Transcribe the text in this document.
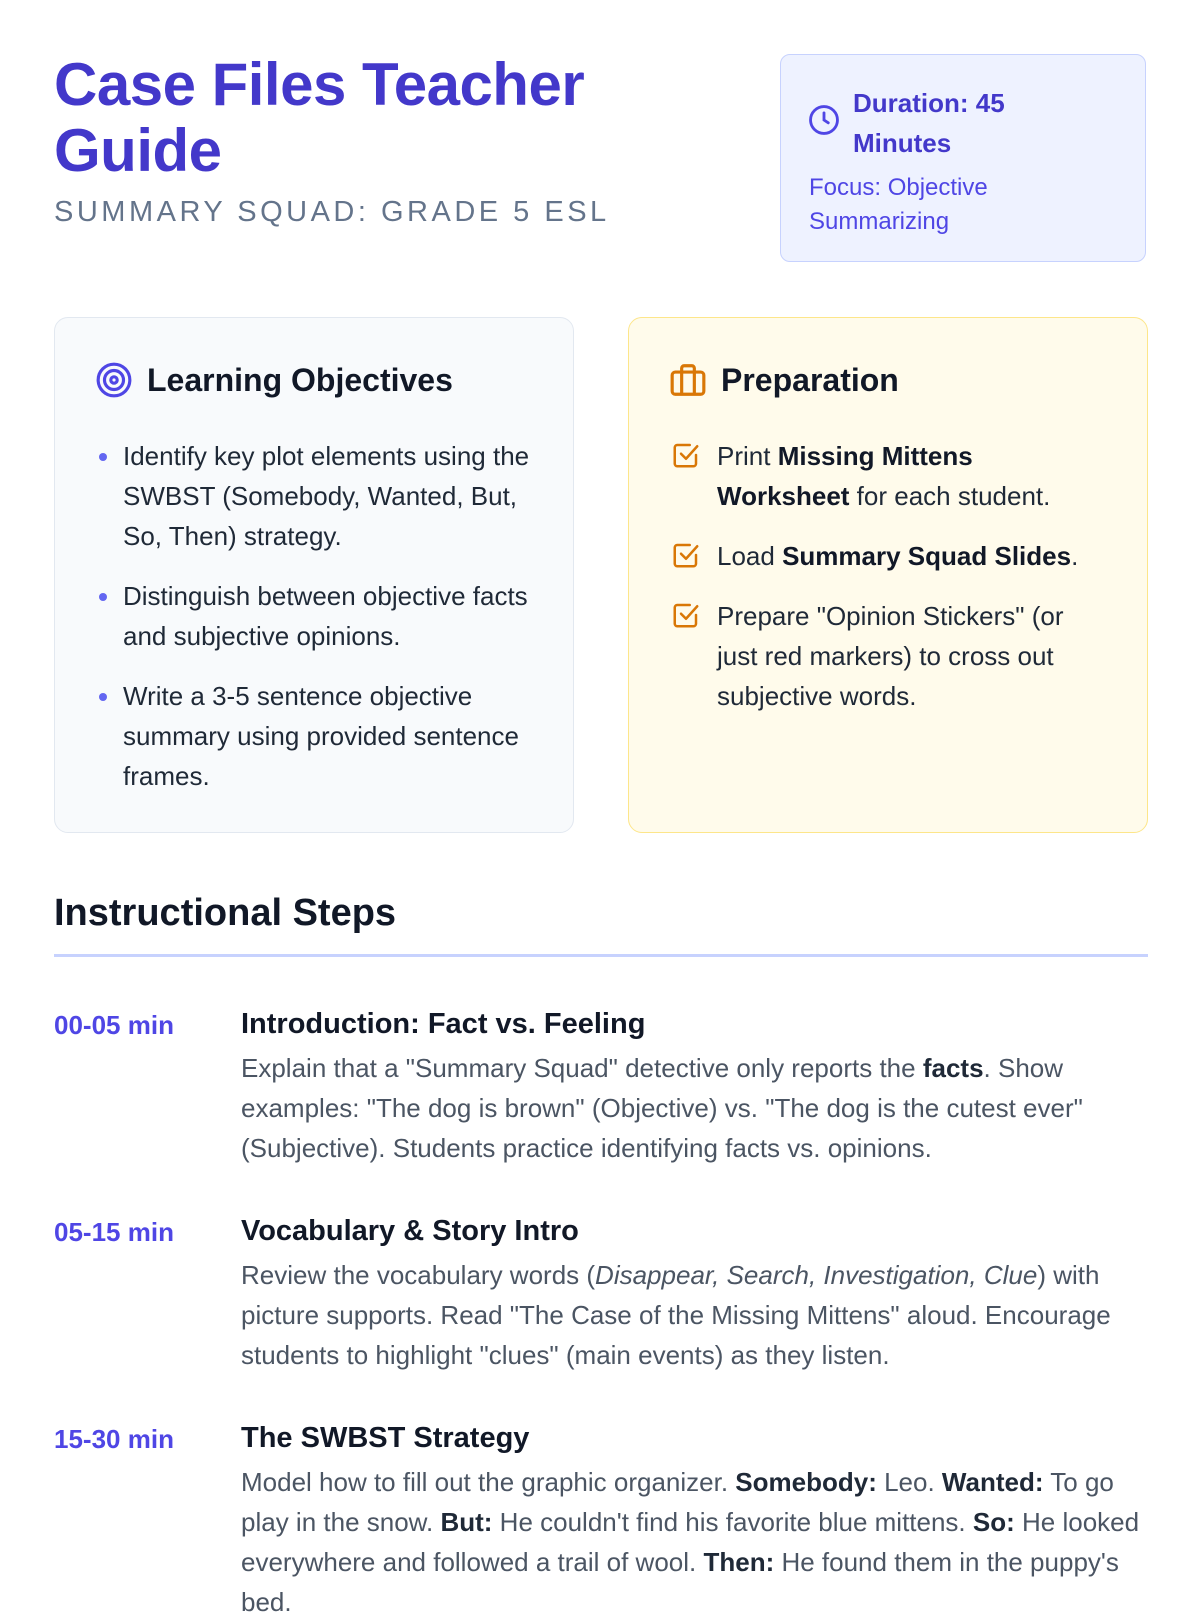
Case Files Teacher Guide

SUMMARY SQUAD: GRADE 5 ESL

Duration: 45 Minutes
Focus: Objective Summarizing
Learning Objectives
Identify key plot elements using the SWBST (Somebody, Wanted, But, So, Then) strategy.
Distinguish between objective facts and subjective opinions.
Write a 3-5 sentence objective summary using provided sentence frames.
Preparation
Print Missing Mittens Worksheet for each student.
Load Summary Squad Slides.
Prepare "Opinion Stickers" (or just red markers) to cross out subjective words.
Instructional Steps
00-05 min Introduction: Fact vs. Feeling

Explain that a "Summary Squad" detective only reports the facts. Show examples: "The dog is brown" (Objective) vs. "The dog is the cutest ever" (Subjective). Students practice identifying facts vs. opinions.

05-15 min Vocabulary & Story Intro

Review the vocabulary words (Disappear, Search, Investigation, Clue) with picture supports. Read "The Case of the Missing Mittens" aloud. Encourage students to highlight "clues" (main events) as they listen.

15-30 min The SWBST Strategy

Model how to fill out the graphic organizer. Somebody: Leo. Wanted: To go play in the snow. But: He couldn't find his favorite blue mittens. So: He looked everywhere and followed a trail of wool. Then: He found them in the puppy's bed.
